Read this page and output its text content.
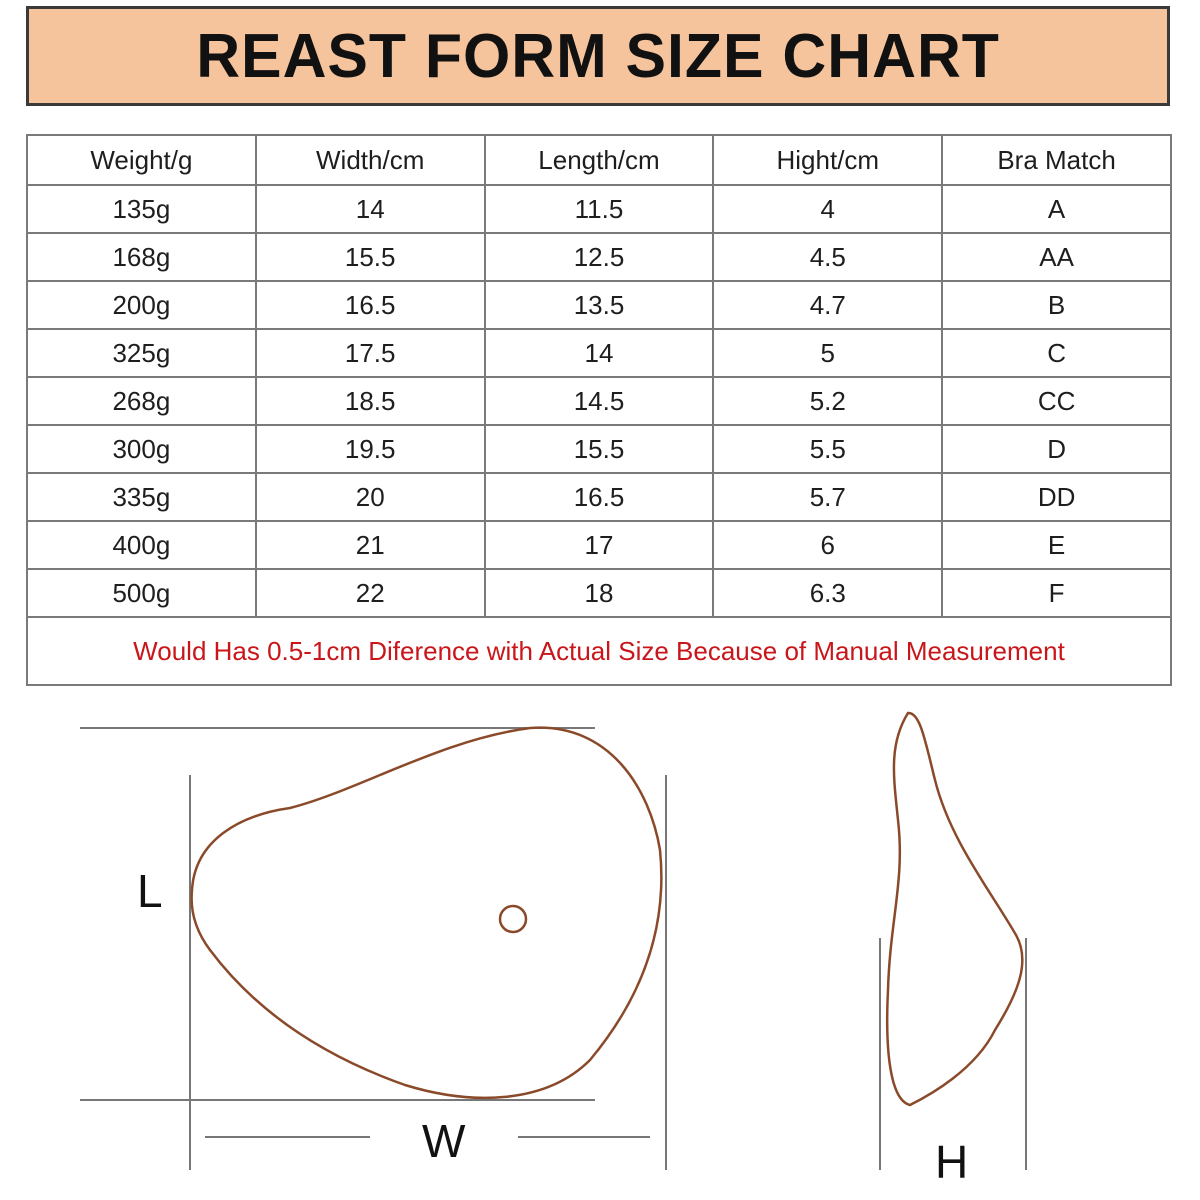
REAST FORM SIZE CHART
Weight/g	Width/cm	Length/cm	Hight/cm	Bra Match
135g	14	11.5	4	A
168g	15.5	12.5	4.5	AA
200g	16.5	13.5	4.7	B
325g	17.5	14	5	C
268g	18.5	14.5	5.2	CC
300g	19.5	15.5	5.5	D
335g	20	16.5	5.7	DD
400g	21	17	6	E
500g	22	18	6.3	F
Would Has 0.5-1cm Diference with Actual Size Because of Manual Measurement				
L
W	H
